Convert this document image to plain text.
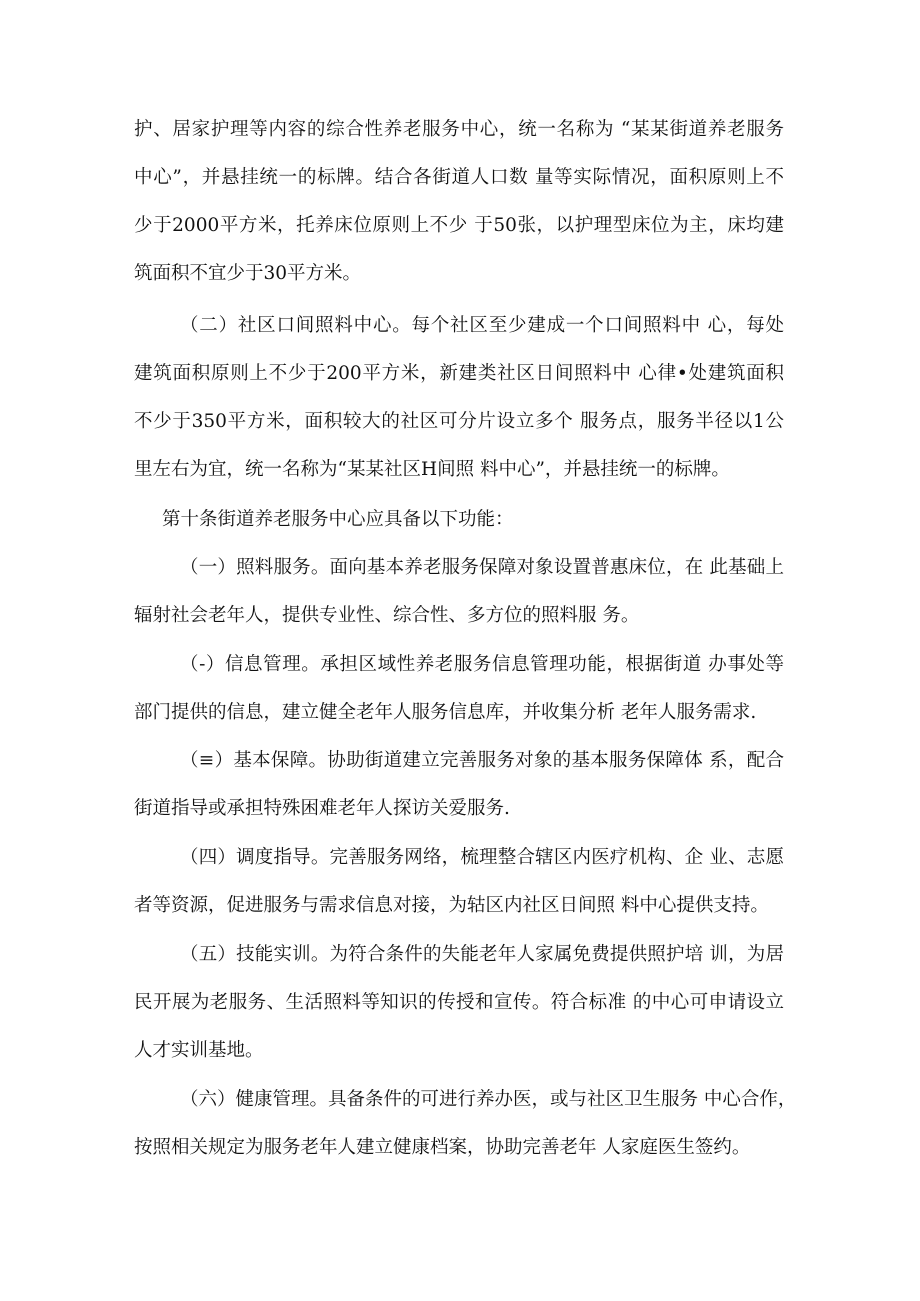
护、居家护理等内容的综合性养老服务中心，统一名称为 “某某街道养老服务
中心”，并悬挂统一的标牌。结合各街道人口数 量等实际情况，面积原则上不
少于2000平方米，托养床位原则上不少 于50张，以护理型床位为主，床均建
筑面积不宜少于30平方米。
（二）社区口间照料中心。每个社区至少建成一个口间照料中 心，每处
建筑面积原则上不少于200平方米，新建类社区日间照料中 心律•处建筑面积
不少于350平方米，面积较大的社区可分片设立多个 服务点，服务半径以1公
里左右为宜，统一名称为“某某社区H间照 料中心”，并悬挂统一的标牌。
第十条街道养老服务中心应具备以下功能：
（一）照料服务。面向基本养老服务保障对象设置普惠床位，在 此基础上
辐射社会老年人，提供专业性、综合性、多方位的照料服 务。
（-）信息管理。承担区域性养老服务信息管理功能，根据街道 办事处等
部门提供的信息，建立健全老年人服务信息库，并收集分析 老年人服务需求.
（≡）基本保障。协助街道建立完善服务对象的基本服务保障体 系，配合
街道指导或承担特殊困难老年人探访关爱服务.
（四）调度指导。完善服务网络，梳理整合辖区内医疗机构、企 业、志愿
者等资源，促进服务与需求信息对接，为轱区内社区日间照 料中心提供支持。
（五）技能实训。为符合条件的失能老年人家属免费提供照护培 训，为居
民开展为老服务、生活照料等知识的传授和宣传。符合标准 的中心可申请设立
人才实训基地。
（六）健康管理。具备条件的可进行养办医，或与社区卫生服务 中心合作，
按照相关规定为服务老年人建立健康档案，协助完善老年 人家庭医生签约。
